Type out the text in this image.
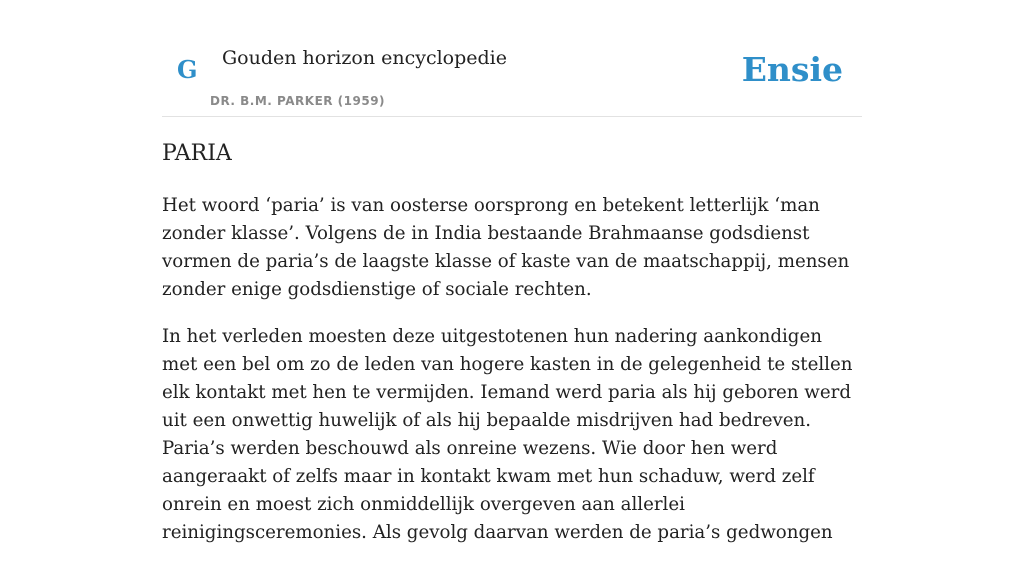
G Gouden horizon encyclopedie
DR. B.M. PARKER (1959)
Ensie
PARIA

Het woord ‘paria’ is van oosterse oorsprong en betekent letterlijk ‘man zonder klasse’. Volgens de in India bestaande Brahmaanse godsdienst vormen de paria’s de laagste klasse of kaste van de maatschappij, mensen zonder enige godsdienstige of sociale rechten.

In het verleden moesten deze uitgestotenen hun nadering aankondigen met een bel om zo de leden van hogere kasten in de gelegenheid te stellen elk kontakt met hen te vermijden. Iemand werd paria als hij geboren werd uit een onwettig huwelijk of als hij bepaalde misdrijven had bedreven. Paria’s werden beschouwd als onreine wezens. Wie door hen werd aangeraakt of zelfs maar in kontakt kwam met hun schaduw, werd zelf onrein en moest zich onmiddellijk overgeven aan allerlei reinigingsceremonies. Als gevolg daarvan werden de paria’s gedwongen
